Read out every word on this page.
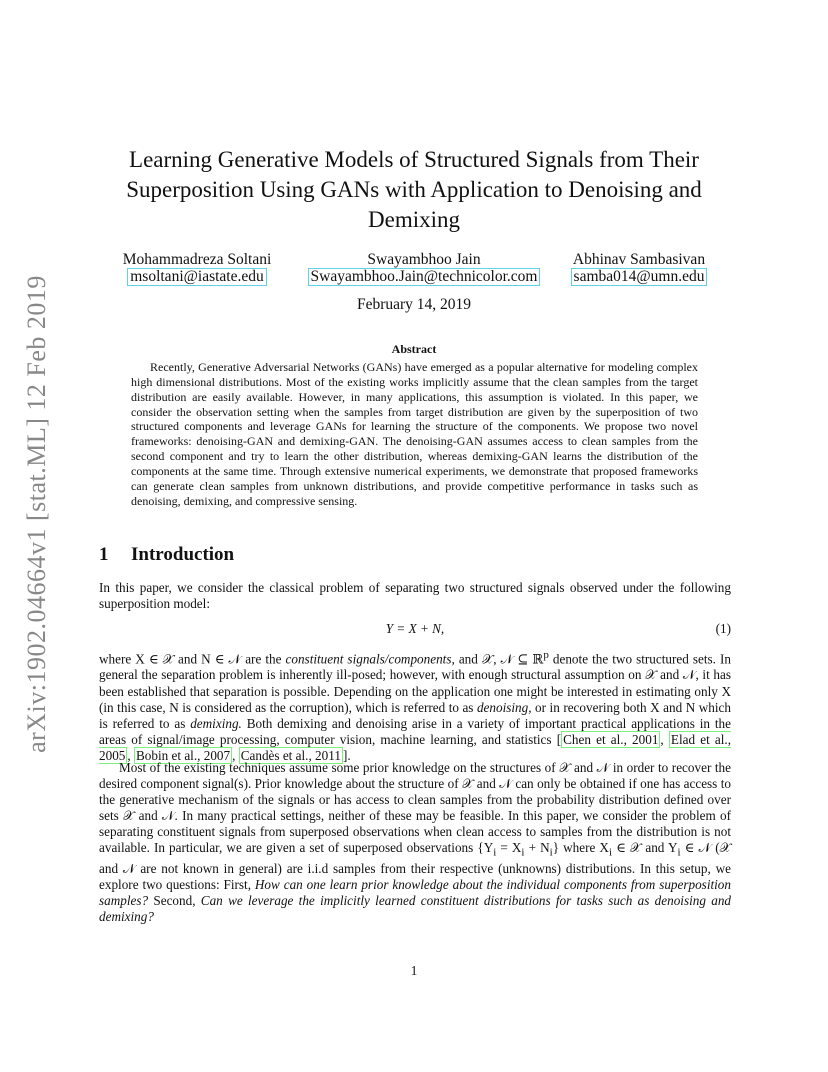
arXiv:1902.04664v1 [stat.ML] 12 Feb 2019
Learning Generative Models of Structured Signals from Their
Superposition Using GANs with Application to Denoising and
Demixing
Mohammadreza Soltani
msoltani@iastate.edu
Swayambhoo Jain
Swayambhoo.Jain@technicolor.com
Abhinav Sambasivan
samba014@umn.edu
February 14, 2019
Abstract
Recently, Generative Adversarial Networks (GANs) have emerged as a popular alternative for modeling complex high dimensional distributions. Most of the existing works implicitly assume that the clean samples from the target distribution are easily available. However, in many applications, this assumption is violated. In this paper, we consider the observation setting when the samples from target distribution are given by the superposition of two structured components and leverage GANs for learning the structure of the components. We propose two novel frameworks: denoising-GAN and demixing-GAN. The denoising-GAN assumes access to clean samples from the second component and try to learn the other distribution, whereas demixing-GAN learns the distribution of the components at the same time. Through extensive numerical experiments, we demonstrate that proposed frameworks can generate clean samples from unknown distributions, and provide competitive performance in tasks such as denoising, demixing, and compressive sensing.
1 Introduction
In this paper, we consider the classical problem of separating two structured signals observed under the following superposition model:
Y = X + N,	(1)
where X ∈ 𝒳 and N ∈ 𝒩 are the constituent signals/components, and 𝒳, 𝒩 ⊆ ℝ$^p$ denote the two structured sets. In general the separation problem is inherently ill-posed; however, with enough structural assumption on 𝒳 and 𝒩, it has been established that separation is possible. Depending on the application one might be interested in estimating only X (in this case, N is considered as the corruption), which is referred to as denoising, or in recovering both X and N which is referred to as demixing. Both demixing and denoising arise in a variety of important practical applications in the areas of signal/image processing, computer vision, machine learning, and statistics [ Chen et al., 2001 , Elad et al., 2005 , Bobin et al., 2007 , Candès et al., 2011 ].
Most of the existing techniques assume some prior knowledge on the structures of 𝒳 and 𝒩 in order to recover the desired component signal(s). Prior knowledge about the structure of 𝒳 and 𝒩 can only be obtained if one has access to the generative mechanism of the signals or has access to clean samples from the probability distribution defined over sets 𝒳 and 𝒩. In many practical settings, neither of these may be feasible. In this paper, we consider the problem of separating constituent signals from superposed observations when clean access to samples from the distribution is not available. In particular, we are given a set of superposed observations $\{Y_i = X_i + N_i\}$ where $X_i$ ∈ 𝒳 and $Y_i$ ∈ 𝒩 (𝒳 and 𝒩 are not known in general) are i.i.d samples from their respective (unknowns) distributions. In this setup, we explore two questions: First, How can one learn prior knowledge about the individual components from superposition samples? Second, Can we leverage the implicitly learned constituent distributions for tasks such as denoising and demixing?
1
